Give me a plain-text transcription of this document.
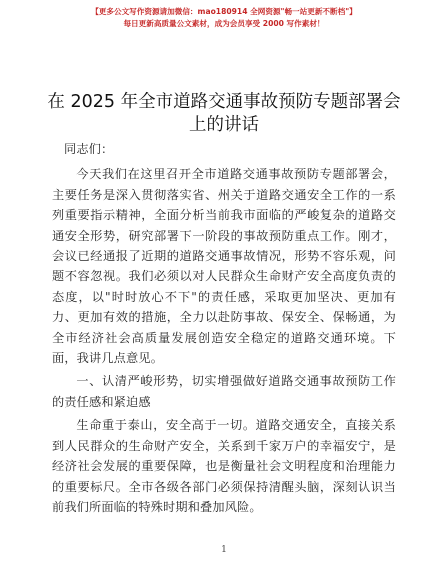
【更多公文写作资源请加微信：mao180914 全网资源"畅一站更新不断档"】
每日更新高质量公文素材，成为会员享受 2000 写作素材！
在 2025 年全市道路交通事故预防专题部署会上的讲话

同志们：

今天我们在这里召开全市道路交通事故预防专题部署会，主要任务是深入贯彻落实省、州关于道路交通安全工作的一系列重要指示精神，全面分析当前我市面临的严峻复杂的道路交通安全形势，研究部署下一阶段的事故预防重点工作。刚才，会议已经通报了近期的道路交通事故情况，形势不容乐观，问题不容忽视。我们必须以对人民群众生命财产安全高度负责的态度，以"时时放心不下"的责任感，采取更加坚决、更加有力、更加有效的措施，全力以赴防事故、保安全、保畅通，为全市经济社会高质量发展创造安全稳定的道路交通环境。下面，我讲几点意见。

一、认清严峻形势，切实增强做好道路交通事故预防工作的责任感和紧迫感

生命重于泰山，安全高于一切。道路交通安全，直接关系到人民群众的生命财产安全，关系到千家万户的幸福安宁，是经济社会发展的重要保障，也是衡量社会文明程度和治理能力的重要标尺。全市各级各部门必须保持清醒头脑，深刻认识当前我们所面临的特殊时期和叠加风险。

1
